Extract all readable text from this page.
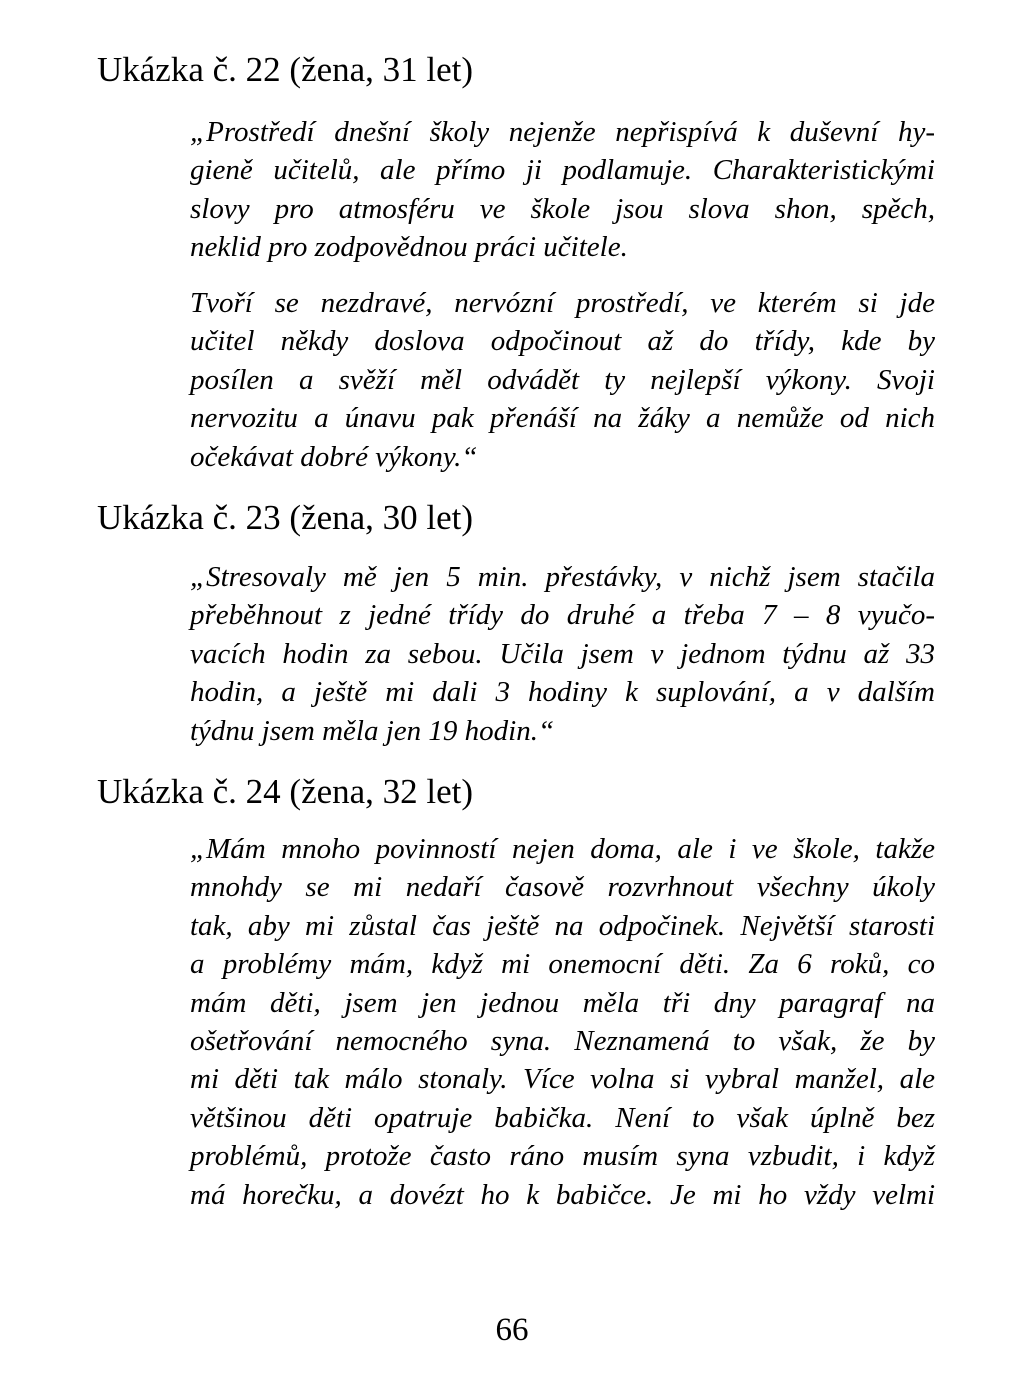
Ukázka č. 22 (žena, 31 let)
„Prostředí dnešní školy nejenže nepřispívá k duševní hy-
gieně učitelů, ale přímo ji podlamuje. Charakteristickými
slovy pro atmosféru ve škole jsou slova shon, spěch,
neklid pro zodpovědnou práci učitele.
Tvoří se nezdravé, nervózní prostředí, ve kterém si jde
učitel někdy doslova odpočinout až do třídy, kde by
posílen a svěží měl odvádět ty nejlepší výkony. Svoji
nervozitu a únavu pak přenáší na žáky a nemůže od nich
očekávat dobré výkony.“
Ukázka č. 23 (žena, 30 let)
„Stresovaly mě jen 5 min. přestávky, v nichž jsem stačila
přeběhnout z jedné třídy do druhé a třeba 7 – 8 vyučo-
vacích hodin za sebou. Učila jsem v jednom týdnu až 33
hodin, a ještě mi dali 3 hodiny k suplování, a v dalším
týdnu jsem měla jen 19 hodin.“
Ukázka č. 24 (žena, 32 let)
„Mám mnoho povinností nejen doma, ale i ve škole, takže
mnohdy se mi nedaří časově rozvrhnout všechny úkoly
tak, aby mi zůstal čas ještě na odpočinek. Největší starosti
a problémy mám, když mi onemocní děti. Za 6 roků, co
mám děti, jsem jen jednou měla tři dny paragraf na
ošetřování nemocného syna. Neznamená to však, že by
mi děti tak málo stonaly. Více volna si vybral manžel, ale
většinou děti opatruje babička. Není to však úplně bez
problémů, protože často ráno musím syna vzbudit, i když
má horečku, a dovézt ho k babičce. Je mi ho vždy velmi
66
